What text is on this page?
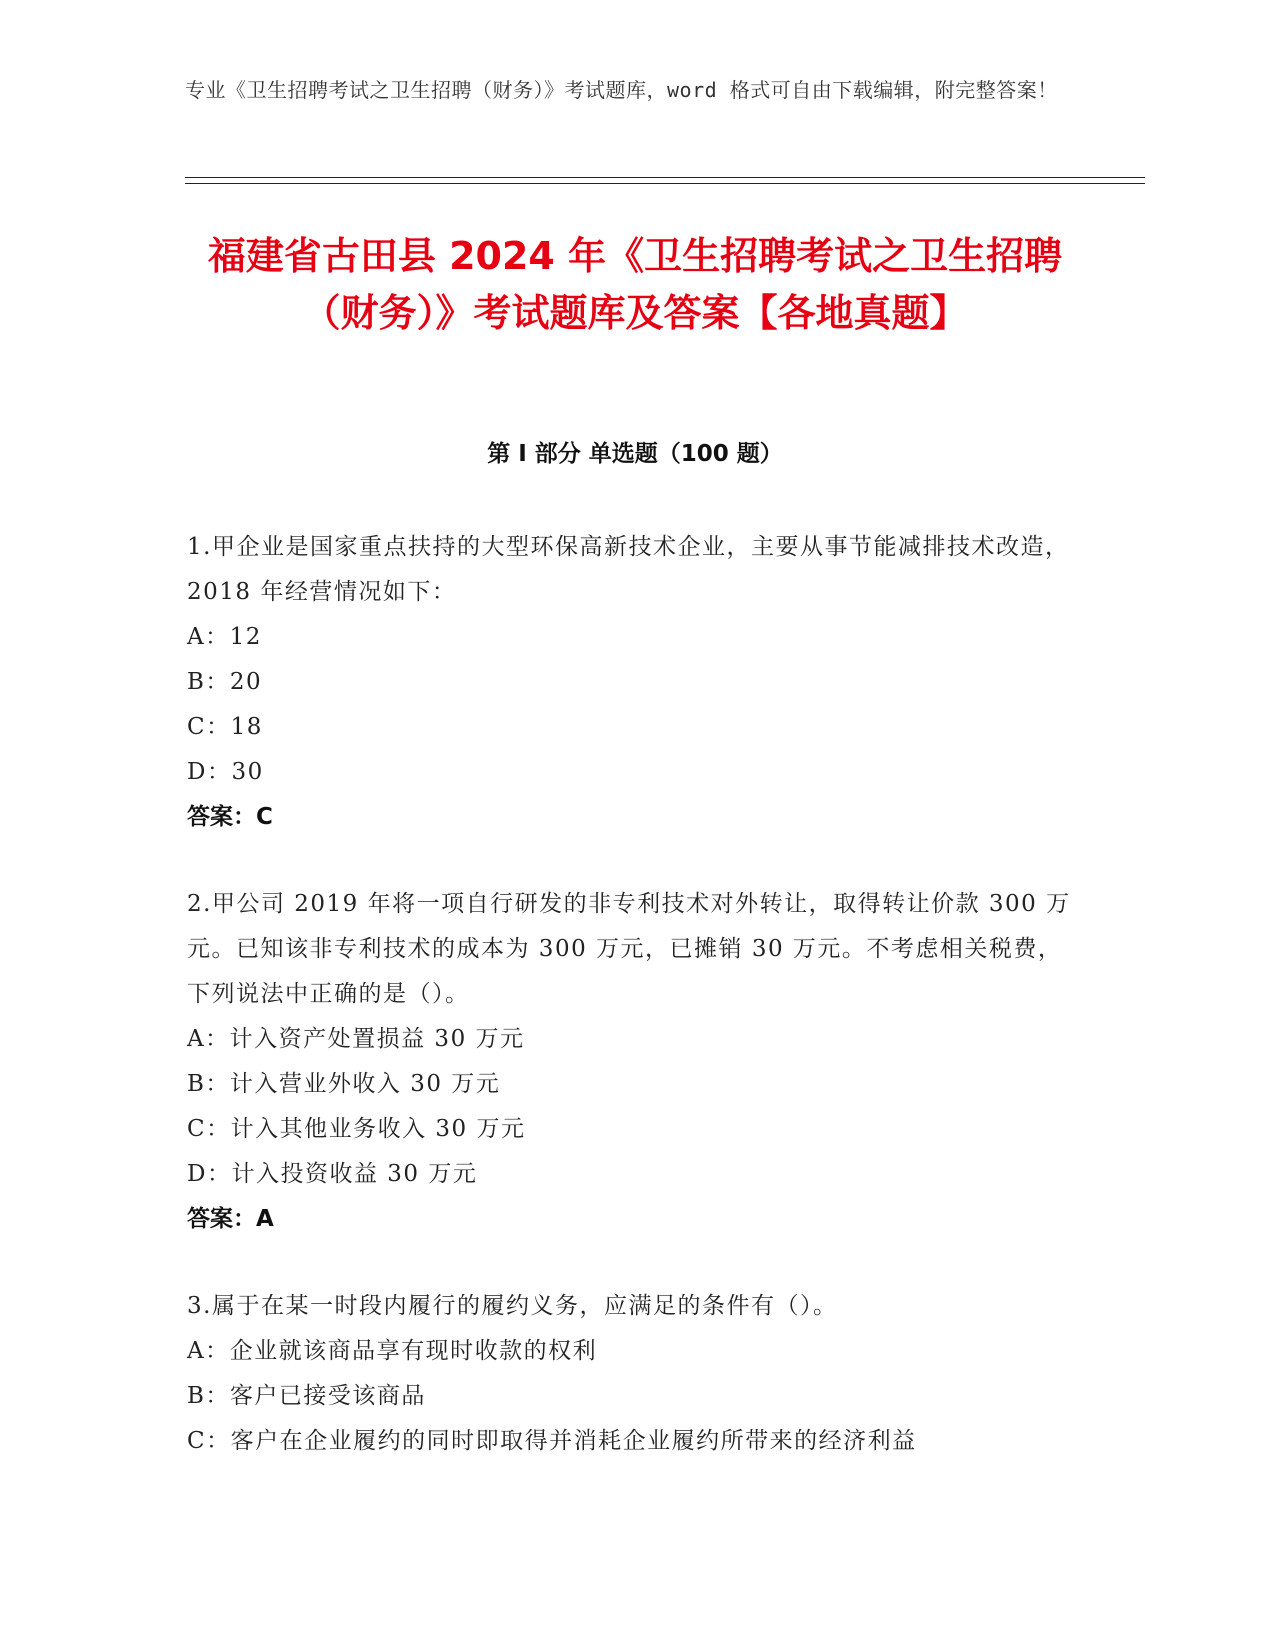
专业《卫生招聘考试之卫生招聘（财务）》考试题库，word 格式可自由下载编辑，附完整答案！
福建省古田县 2024 年《卫生招聘考试之卫生招聘（财务）》考试题库及答案【各地真题】
第 I 部分 单选题（100 题）
1.甲企业是国家重点扶持的大型环保高新技术企业，主要从事节能减排技术改造，2018 年经营情况如下：
A：12
B：20
C：18
D：30
答案：C
2.甲公司 2019 年将一项自行研发的非专利技术对外转让，取得转让价款 300 万元。已知该非专利技术的成本为 300 万元，已摊销 30 万元。不考虑相关税费，下列说法中正确的是（）。
A：计入资产处置损益 30 万元
B：计入营业外收入 30 万元
C：计入其他业务收入 30 万元
D：计入投资收益 30 万元
答案：A
3.属于在某一时段内履行的履约义务，应满足的条件有（）。
A：企业就该商品享有现时收款的权利
B：客户已接受该商品
C：客户在企业履约的同时即取得并消耗企业履约所带来的经济利益
